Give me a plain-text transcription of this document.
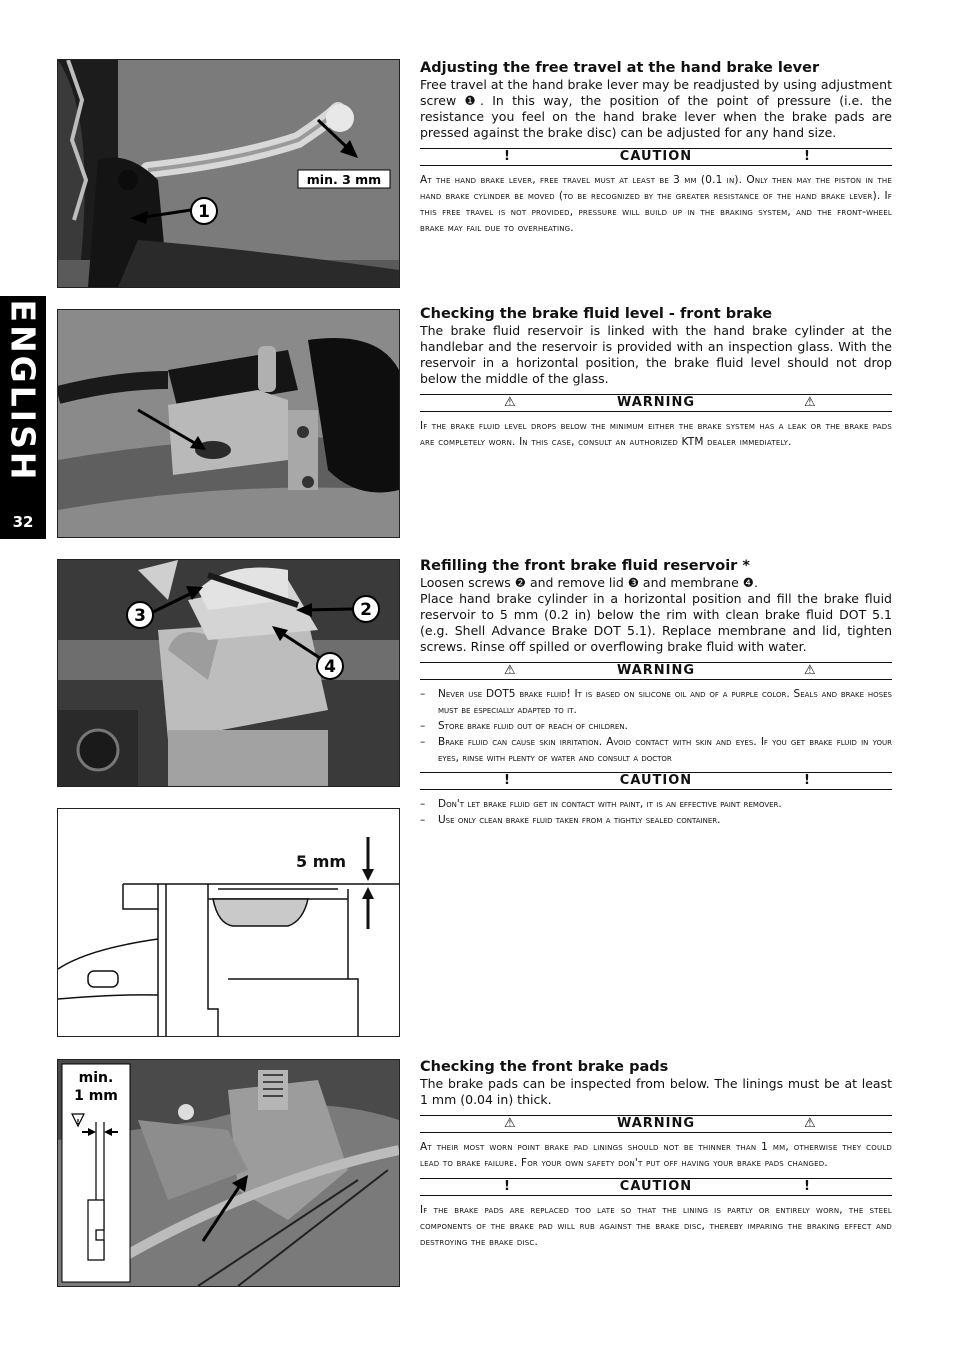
ENGLISH
32
1
min. 3 mm
3	2
4
5 mm
min.
1 mm
!
Adjusting the free travel at the hand brake lever

Free travel at the hand brake lever may be readjusted by using adjustment screw ❶. In this way, the position of the point of pressure (i.e. the resistance you feel on the hand brake lever when the brake pads are pressed against the brake disc) can be adjusted for any hand size.

!	CAUTION	!

At the hand brake lever, free travel must at least be 3 mm (0.1 in). Only then may the piston in the hand brake cylinder be moved (to be recognized by the greater resistance of the hand brake lever). If this free travel is not provided, pressure will build up in the braking system, and the front-wheel brake may fail due to overheating.

Checking the brake fluid level - front brake

The brake fluid reservoir is linked with the hand brake cylinder at the handlebar and the reservoir is provided with an inspection glass. With the reservoir in a horizontal position, the brake fluid level should not drop below the middle of the glass.

⚠	WARNING	⚠

If the brake fluid level drops below the minimum either the brake system has a leak or the brake pads are completely worn. In this case, consult an authorized KTM dealer immediately.

Refilling the front brake fluid reservoir *

Loosen screws ❷ and remove lid ❸ and membrane ❹.

Place hand brake cylinder in a horizontal position and fill the brake fluid reservoir to 5 mm (0.2 in) below the rim with clean brake fluid DOT 5.1 (e.g. Shell Advance Brake DOT 5.1). Replace membrane and lid, tighten screws. Rinse off spilled or overflowing brake fluid with water.

⚠	WARNING	⚠
– Never use DOT5 brake fluid! It is based on silicone oil and of a purple color. Seals and brake hoses must be especially adapted to it.
– Store brake fluid out of reach of children.
– Brake fluid can cause skin irritation. Avoid contact with skin and eyes. If you get brake fluid in your eyes, rinse with plenty of water and consult a doctor
!	CAUTION	!
– Don't let brake fluid get in contact with paint, it is an effective paint remover.
– Use only clean brake fluid taken from a tightly sealed container.
Checking the front brake pads

The brake pads can be inspected from below. The linings must be at least 1 mm (0.04 in) thick.

⚠	WARNING	⚠

At their most worn point brake pad linings should not be thinner than 1 mm, otherwise they could lead to brake failure. For your own safety don't put off having your brake pads changed.

!	CAUTION	!

If the brake pads are replaced too late so that the lining is partly or entirely worn, the steel components of the brake pad will rub against the brake disc, thereby imparing the braking effect and destroying the brake disc.
